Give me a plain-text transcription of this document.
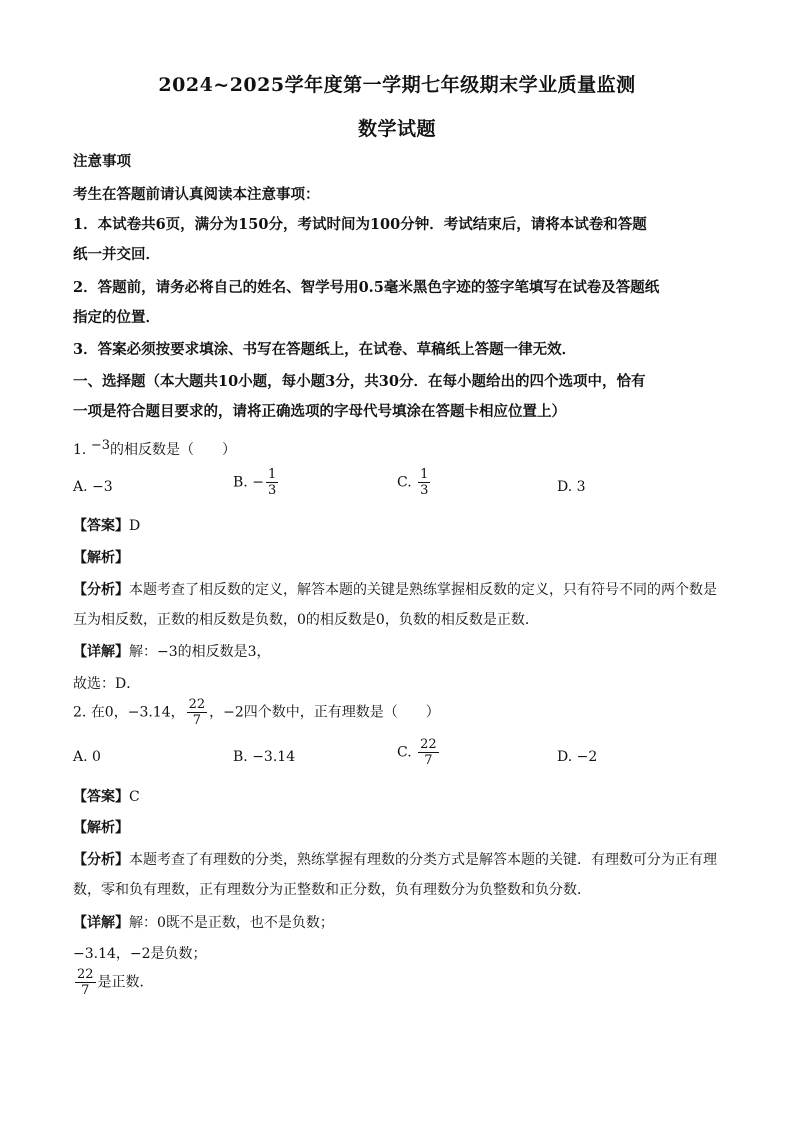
2024~2025学年度第一学期七年级期末学业质量监测
数学试题
注意事项
考生在答题前请认真阅读本注意事项：
1．本试卷共6页，满分为150分，考试时间为100分钟．考试结束后，请将本试卷和答题
纸一并交回．
2．答题前，请务必将自己的姓名、智学号用0.5毫米黑色字迹的签字笔填写在试卷及答题纸
指定的位置．
3．答案必须按要求填涂、书写在答题纸上，在试卷、草稿纸上答题一律无效．
一、选择题（本大题共10小题，每小题3分，共30分．在每小题给出的四个选项中，恰有
一项是符合题目要求的，请将正确选项的字母代号填涂在答题卡相应位置上）
1. −3的相反数是（　　）
A. −3	B. − $\frac{1}{3}$	C. $\frac{1}{3}$	D. 3
【答案】D
【解析】
【分析】本题考查了相反数的定义，解答本题的关键是熟练掌握相反数的定义，只有符号不同的两个数是
互为相反数，正数的相反数是负数，0的相反数是0，负数的相反数是正数．
【详解】解：−3的相反数是3，
故选：D．
2. 在0，−3.14， $\frac{22}{7}$ ，−2四个数中，正有理数是（　　）
A. 0	B. −3.14	C. $\frac{22}{7}$	D. −2
【答案】C
【解析】
【分析】本题考查了有理数的分类，熟练掌握有理数的分类方式是解答本题的关键．有理数可分为正有理
数，零和负有理数，正有理数分为正整数和正分数，负有理数分为负整数和负分数．
【详解】解：0既不是正数，也不是负数；
−3.14，−2是负数；
$\frac{22}{7}$ 是正数．
